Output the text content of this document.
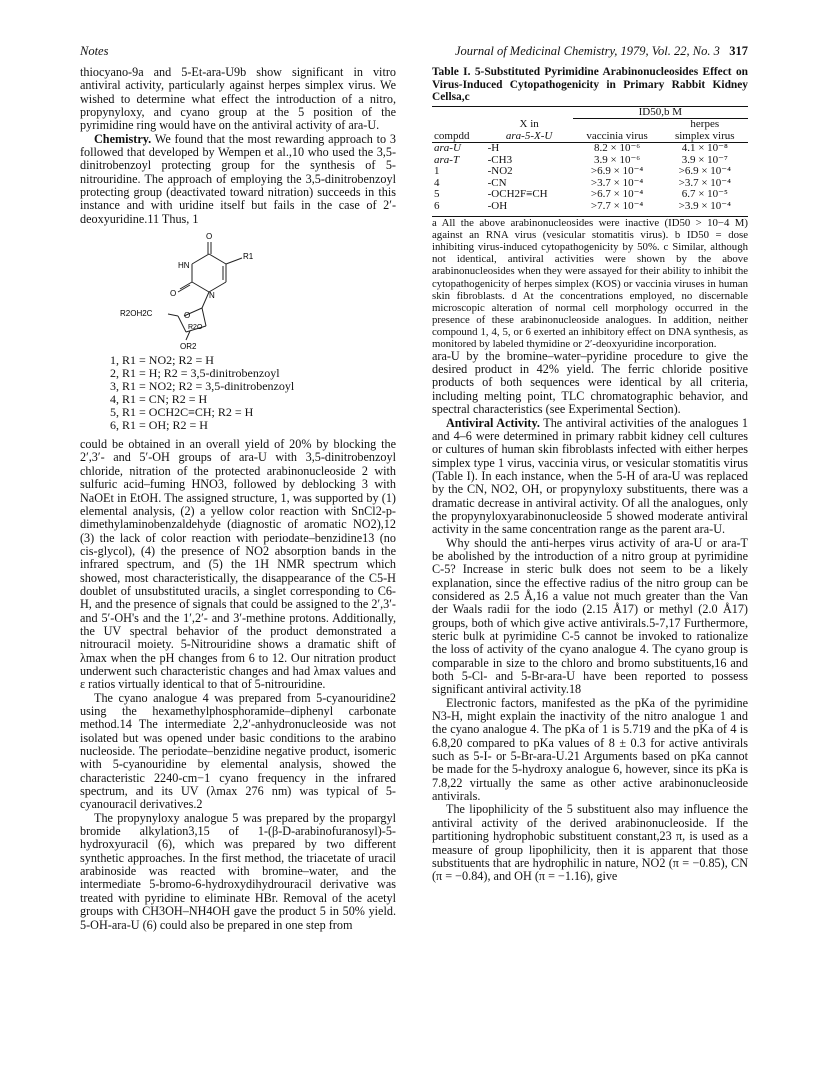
Notes	Journal of Medicinal Chemistry, 1979, Vol. 22, No. 3 317

thiocyano-9a and 5-Et-ara-U9b show significant in vitro antiviral activity, particularly against herpes simplex virus. We wished to determine what effect the introduction of a nitro, propynyloxy, and cyano group at the 5 position of the pyrimidine ring would have on the antiviral activity of ara-U.

Chemistry. We found that the most rewarding approach to 3 followed that developed by Wempen et al.,10 who used the 3,5-dinitrobenzoyl protecting group for the synthesis of 5-nitrouridine. The approach of employing the 3,5-dinitrobenzoyl protecting group (deactivated toward nitration) succeeds in this instance and with uridine itself but fails in the case of 2′-deoxyuridine.11 Thus, 1

O
HN
R1
O	N
R2OH2C	O
R2O
OR2
1, R1 = NO2; R2 = H
2, R1 = H; R2 = 3,5-dinitrobenzoyl
3, R1 = NO2; R2 = 3,5-dinitrobenzoyl
4, R1 = CN; R2 = H
5, R1 = OCH2C≡CH; R2 = H
6, R1 = OH; R2 = H

could be obtained in an overall yield of 20% by blocking the 2′,3′- and 5′-OH groups of ara-U with 3,5-dinitrobenzoyl chloride, nitration of the protected arabinonucleoside 2 with sulfuric acid–fuming HNO3, followed by deblocking 3 with NaOEt in EtOH. The assigned structure, 1, was supported by (1) elemental analysis, (2) a yellow color reaction with SnCl2-p-dimethylaminobenzaldehyde (diagnostic of aromatic NO2),12 (3) the lack of color reaction with periodate–benzidine13 (no cis-glycol), (4) the presence of NO2 absorption bands in the infrared spectrum, and (5) the 1H NMR spectrum which showed, most characteristically, the disappearance of the C5-H doublet of unsubstituted uracils, a singlet corresponding to C6-H, and the presence of signals that could be assigned to the 2′,3′- and 5′-OH's and the 1′,2′- and 3′-methine protons. Additionally, the UV spectral behavior of the product demonstrated a nitrouracil moiety. 5-Nitrouridine shows a dramatic shift of λmax when the pH changes from 6 to 12. Our nitration product underwent such characteristic changes and had λmax values and ε ratios virtually identical to that of 5-nitrouridine.

The cyano analogue 4 was prepared from 5-cyanouridine2 using the hexamethylphosphoramide–diphenyl carbonate method.14 The intermediate 2,2′-anhydronucleoside was not isolated but was opened under basic conditions to the arabino nucleoside. The periodate–benzidine negative product, isomeric with 5-cyanouridine by elemental analysis, showed the characteristic 2240-cm−1 cyano frequency in the infrared spectrum, and its UV (λmax 276 nm) was typical of 5-cyanouracil derivatives.2

The propynyloxy analogue 5 was prepared by the propargyl bromide alkylation3,15 of 1-(β-D-arabinofuranosyl)-5-hydroxyuracil (6), which was prepared by two different synthetic approaches. In the first method, the triacetate of uracil arabinoside was reacted with bromine–water, and the intermediate 5-bromo-6-hydroxydihydrouracil derivative was treated with pyridine to eliminate HBr. Removal of the acetyl groups with CH3OH–NH4OH gave the product 5 in 50% yield. 5-OH-ara-U (6) could also be prepared in one step from

Table I. 5-Substituted Pyrimidine Arabinonucleosides Effect on Virus-Induced Cytopathogenicity in Primary Rabbit Kidney Cellsa,c

		ID50,b M	
	X in		herpes
compdd	ara-5-X-U	vaccinia virus	simplex virus
ara-U	-H	8.2 × 10⁻⁶	4.1 × 10⁻⁸
ara-T	-CH3	3.9 × 10⁻⁶	3.9 × 10⁻⁷
1	-NO2	>6.9 × 10⁻⁴	>6.9 × 10⁻⁴
4	-CN	>3.7 × 10⁻⁴	>3.7 × 10⁻⁴
5	-OCH2F≡CH	>6.7 × 10⁻⁴	6.7 × 10⁻⁵
6	-OH	>7.7 × 10⁻⁴	>3.9 × 10⁻⁴

a All the above arabinonucleosides were inactive (ID50 > 10−4 M) against an RNA virus (vesicular stomatitis virus). b ID50 = dose inhibiting virus-induced cytopathogenicity by 50%. c Similar, although not identical, antiviral activities were shown by the above arabinonucleosides when they were assayed for their ability to inhibit the cytopathogenicity of herpes simplex (KOS) or vaccinia viruses in human skin fibroblasts. d At the concentrations employed, no discernable microscopic alteration of normal cell morphology occurred in the presence of these arabinonucleoside analogues. In addition, neither compound 1, 4, 5, or 6 exerted an inhibitory effect on DNA synthesis, as monitored by labeled thymidine or 2′-deoxyuridine incorporation.

ara-U by the bromine–water–pyridine procedure to give the desired product in 42% yield. The ferric chloride positive products of both sequences were identical by all criteria, including melting point, TLC chromatographic behavior, and spectral characteristics (see Experimental Section).

Antiviral Activity. The antiviral activities of the analogues 1 and 4–6 were determined in primary rabbit kidney cell cultures or cultures of human skin fibroblasts infected with either herpes simplex type 1 virus, vaccinia virus, or vesicular stomatitis virus (Table I). In each instance, when the 5-H of ara-U was replaced by the CN, NO2, OH, or propynyloxy substituents, there was a dramatic decrease in antiviral activity. Of all the analogues, only the propynyloxyarabinonucleoside 5 showed moderate antiviral activity in the same concentration range as the parent ara-U.

Why should the anti-herpes virus activity of ara-U or ara-T be abolished by the introduction of a nitro group at pyrimidine C-5? Increase in steric bulk does not seem to be a likely explanation, since the effective radius of the nitro group can be considered as 2.5 Å,16 a value not much greater than the Van der Waals radii for the iodo (2.15 Å17) or methyl (2.0 Å17) groups, both of which give active antivirals.5-7,17 Furthermore, steric bulk at pyrimidine C-5 cannot be invoked to rationalize the loss of activity of the cyano analogue 4. The cyano group is comparable in size to the chloro and bromo substituents,16 and both 5-Cl- and 5-Br-ara-U have been reported to possess significant antiviral activity.18

Electronic factors, manifested as the pKa of the pyrimidine N3-H, might explain the inactivity of the nitro analogue 1 and the cyano analogue 4. The pKa of 1 is 5.719 and the pKa of 4 is 6.8,20 compared to pKa values of 8 ± 0.3 for active antivirals such as 5-I- or 5-Br-ara-U.21 Arguments based on pKa cannot be made for the 5-hydroxy analogue 6, however, since its pKa is 7.8,22 virtually the same as other active arabinonucleoside antivirals.

The lipophilicity of the 5 substituent also may influence the antiviral activity of the derived arabinonucleoside. If the partitioning hydrophobic substituent constant,23 π, is used as a measure of group lipophilicity, then it is apparent that those substituents that are hydrophilic in nature, NO2 (π = −0.85), CN (π = −0.84), and OH (π = −1.16), give
